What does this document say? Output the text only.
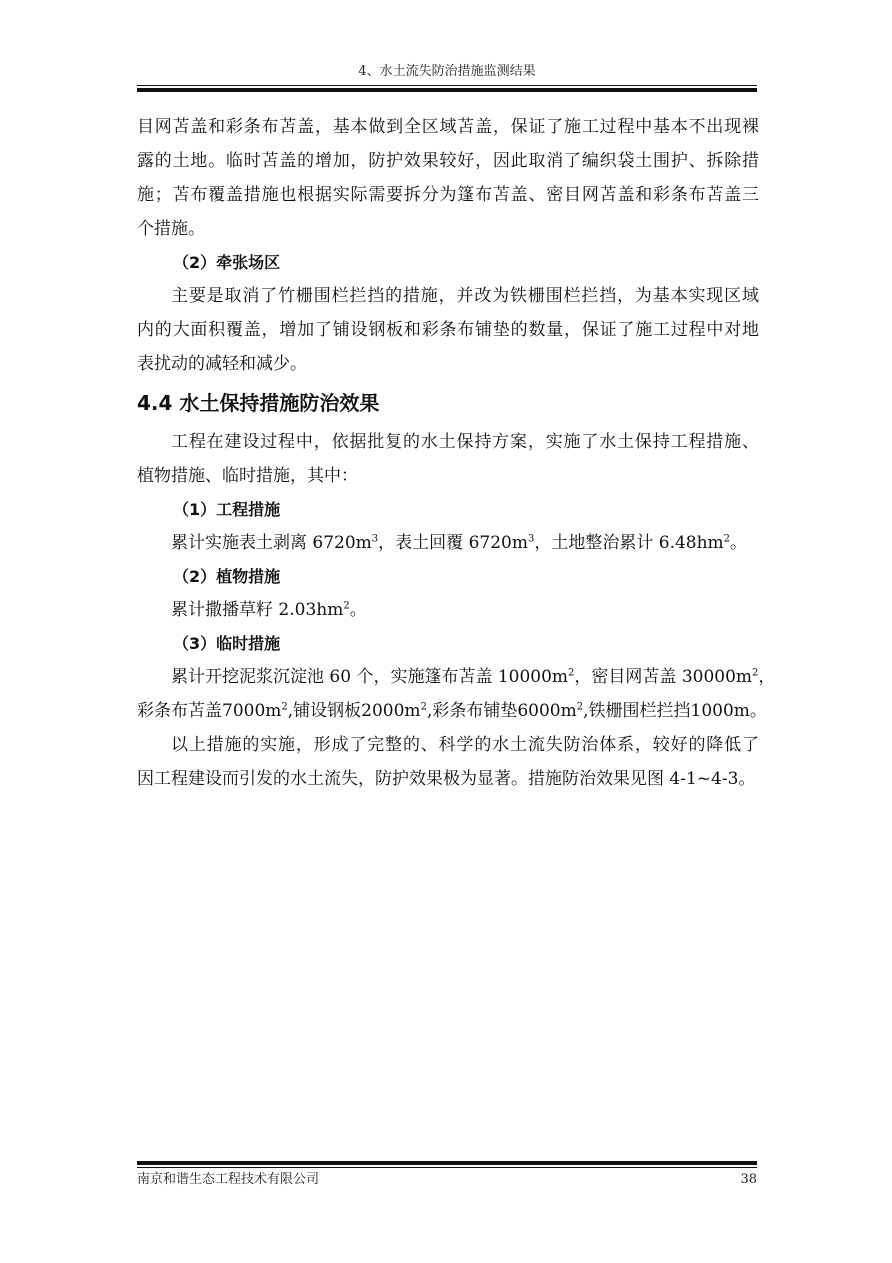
4、水土流失防治措施监测结果

目网苫盖和彩条布苫盖，基本做到全区域苫盖，保证了施工过程中基本不出现裸

露的土地。临时苫盖的增加，防护效果较好，因此取消了编织袋土围护、拆除措

施；苫布覆盖措施也根据实际需要拆分为篷布苫盖、密目网苫盖和彩条布苫盖三

个措施。

（2）牵张场区

主要是取消了竹栅围栏拦挡的措施，并改为铁栅围栏拦挡，为基本实现区域

内的大面积覆盖，增加了铺设钢板和彩条布铺垫的数量，保证了施工过程中对地

表扰动的减轻和减少。

4.4 水土保持措施防治效果

工程在建设过程中，依据批复的水土保持方案，实施了水土保持工程措施、

植物措施、临时措施，其中：

（1）工程措施

累计实施表土剥离 $6720m^3$，表土回覆 $6720m^3$，土地整治累计 $6.48hm^2$。

（2）植物措施

累计撒播草籽 $2.03hm^2$。

（3）临时措施

累计开挖泥浆沉淀池 60 个，实施篷布苫盖 $10000m^2$，密目网苫盖 $30000m^2$，

彩条布苫盖$7000m^2$,铺设钢板$2000m^2$,彩条布铺垫$6000m^2$,铁栅围栏拦挡1000m。

以上措施的实施，形成了完整的、科学的水土流失防治体系，较好的降低了

因工程建设而引发的水土流失，防护效果极为显著。措施防治效果见图 4-1~4-3。

南京和谐生态工程技术有限公司	38
